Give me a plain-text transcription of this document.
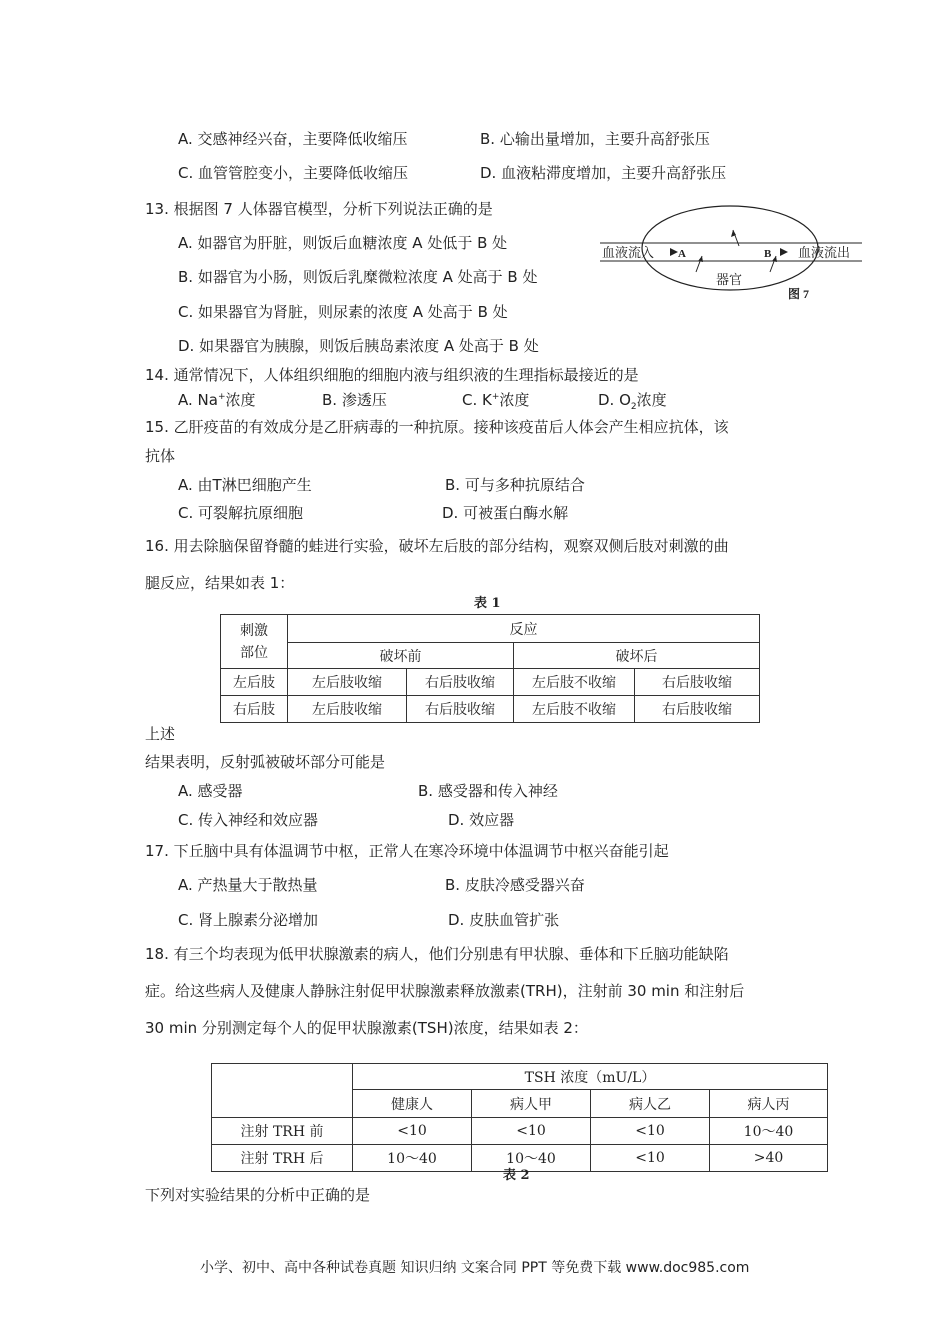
A. 交感神经兴奋，主要降低收缩压	B. 心输出量增加，主要升高舒张压
C. 血管管腔变小，主要降低收缩压	D. 血液粘滞度增加，主要升高舒张压
13. 根据图 7 人体器官模型，分析下列说法正确的是
A. 如器官为肝脏，则饭后血糖浓度 A 处低于 B 处
B. 如器官为小肠，则饭后乳糜微粒浓度 A 处高于 B 处
C. 如果器官为肾脏，则尿素的浓度 A 处高于 B 处
D. 如果器官为胰腺，则饭后胰岛素浓度 A 处高于 B 处
血液流入 A	B 血液流出
器官
图 7
14. 通常情况下，人体组织细胞的细胞内液与组织液的生理指标最接近的是
A. Na+浓度	B. 渗透压	C. K+浓度	D. $O_2$浓度
15. 乙肝疫苗的有效成分是乙肝病毒的一种抗原。接种该疫苗后人体会产生相应抗体，该
抗体
A. 由T淋巴细胞产生	B. 可与多种抗原结合
C. 可裂解抗原细胞	D. 可被蛋白酶水解
16. 用去除脑保留脊髓的蛙进行实验，破坏左后肢的部分结构，观察双侧后肢对刺激的曲
腿反应，结果如表 1：
表 1
刺激
部位	反应			
	破坏前		破坏后	
左后肢	左后肢收缩	右后肢收缩	左后肢不收缩	右后肢收缩
右后肢	左后肢收缩	右后肢收缩	左后肢不收缩	右后肢收缩
上述
结果表明，反射弧被破坏部分可能是
A. 感受器	B. 感受器和传入神经
C. 传入神经和效应器	D. 效应器
17. 下丘脑中具有体温调节中枢，正常人在寒冷环境中体温调节中枢兴奋能引起
A. 产热量大于散热量	B. 皮肤冷感受器兴奋
C. 肾上腺素分泌增加	D. 皮肤血管扩张
18. 有三个均表现为低甲状腺激素的病人，他们分别患有甲状腺、垂体和下丘脑功能缺陷
症。给这些病人及健康人静脉注射促甲状腺激素释放激素(TRH)，注射前 30 min 和注射后
30 min 分别测定每个人的促甲状腺激素(TSH)浓度，结果如表 2：
	TSH 浓度（mU/L）			
	健康人	病人甲	病人乙	病人丙
注射 TRH 前	<10	<10	<10	10～40
注射 TRH 后	10～40	10～40	<10	>40
表 2
下列对实验结果的分析中正确的是
小学、初中、高中各种试卷真题 知识归纳 文案合同 PPT 等免费下载 www.doc985.com
